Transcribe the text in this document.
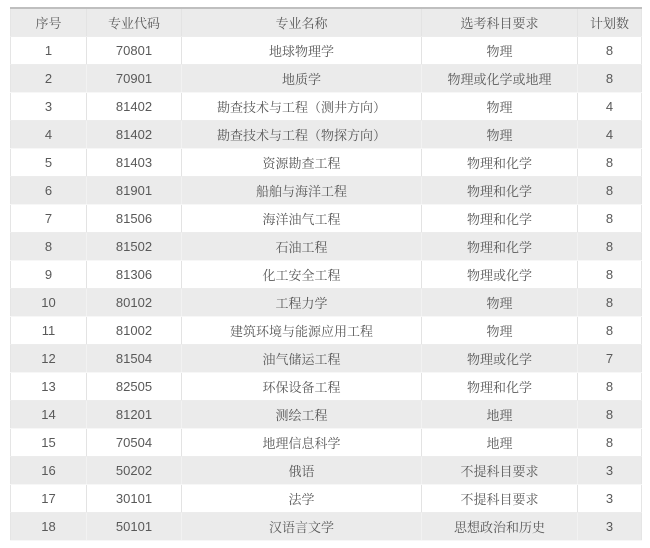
序号	专业代码	专业名称	选考科目要求	计划数
1	70801	地球物理学	物理	8
2	70901	地质学	物理或化学或地理	8
3	81402	勘查技术与工程（测井方向）	物理	4
4	81402	勘查技术与工程（物探方向）	物理	4
5	81403	资源勘查工程	物理和化学	8
6	81901	船舶与海洋工程	物理和化学	8
7	81506	海洋油气工程	物理和化学	8
8	81502	石油工程	物理和化学	8
9	81306	化工安全工程	物理或化学	8
10	80102	工程力学	物理	8
11	81002	建筑环境与能源应用工程	物理	8
12	81504	油气储运工程	物理或化学	7
13	82505	环保设备工程	物理和化学	8
14	81201	测绘工程	地理	8
15	70504	地理信息科学	地理	8
16	50202	俄语	不提科目要求	3
17	30101	法学	不提科目要求	3
18	50101	汉语言文学	思想政治和历史	3
